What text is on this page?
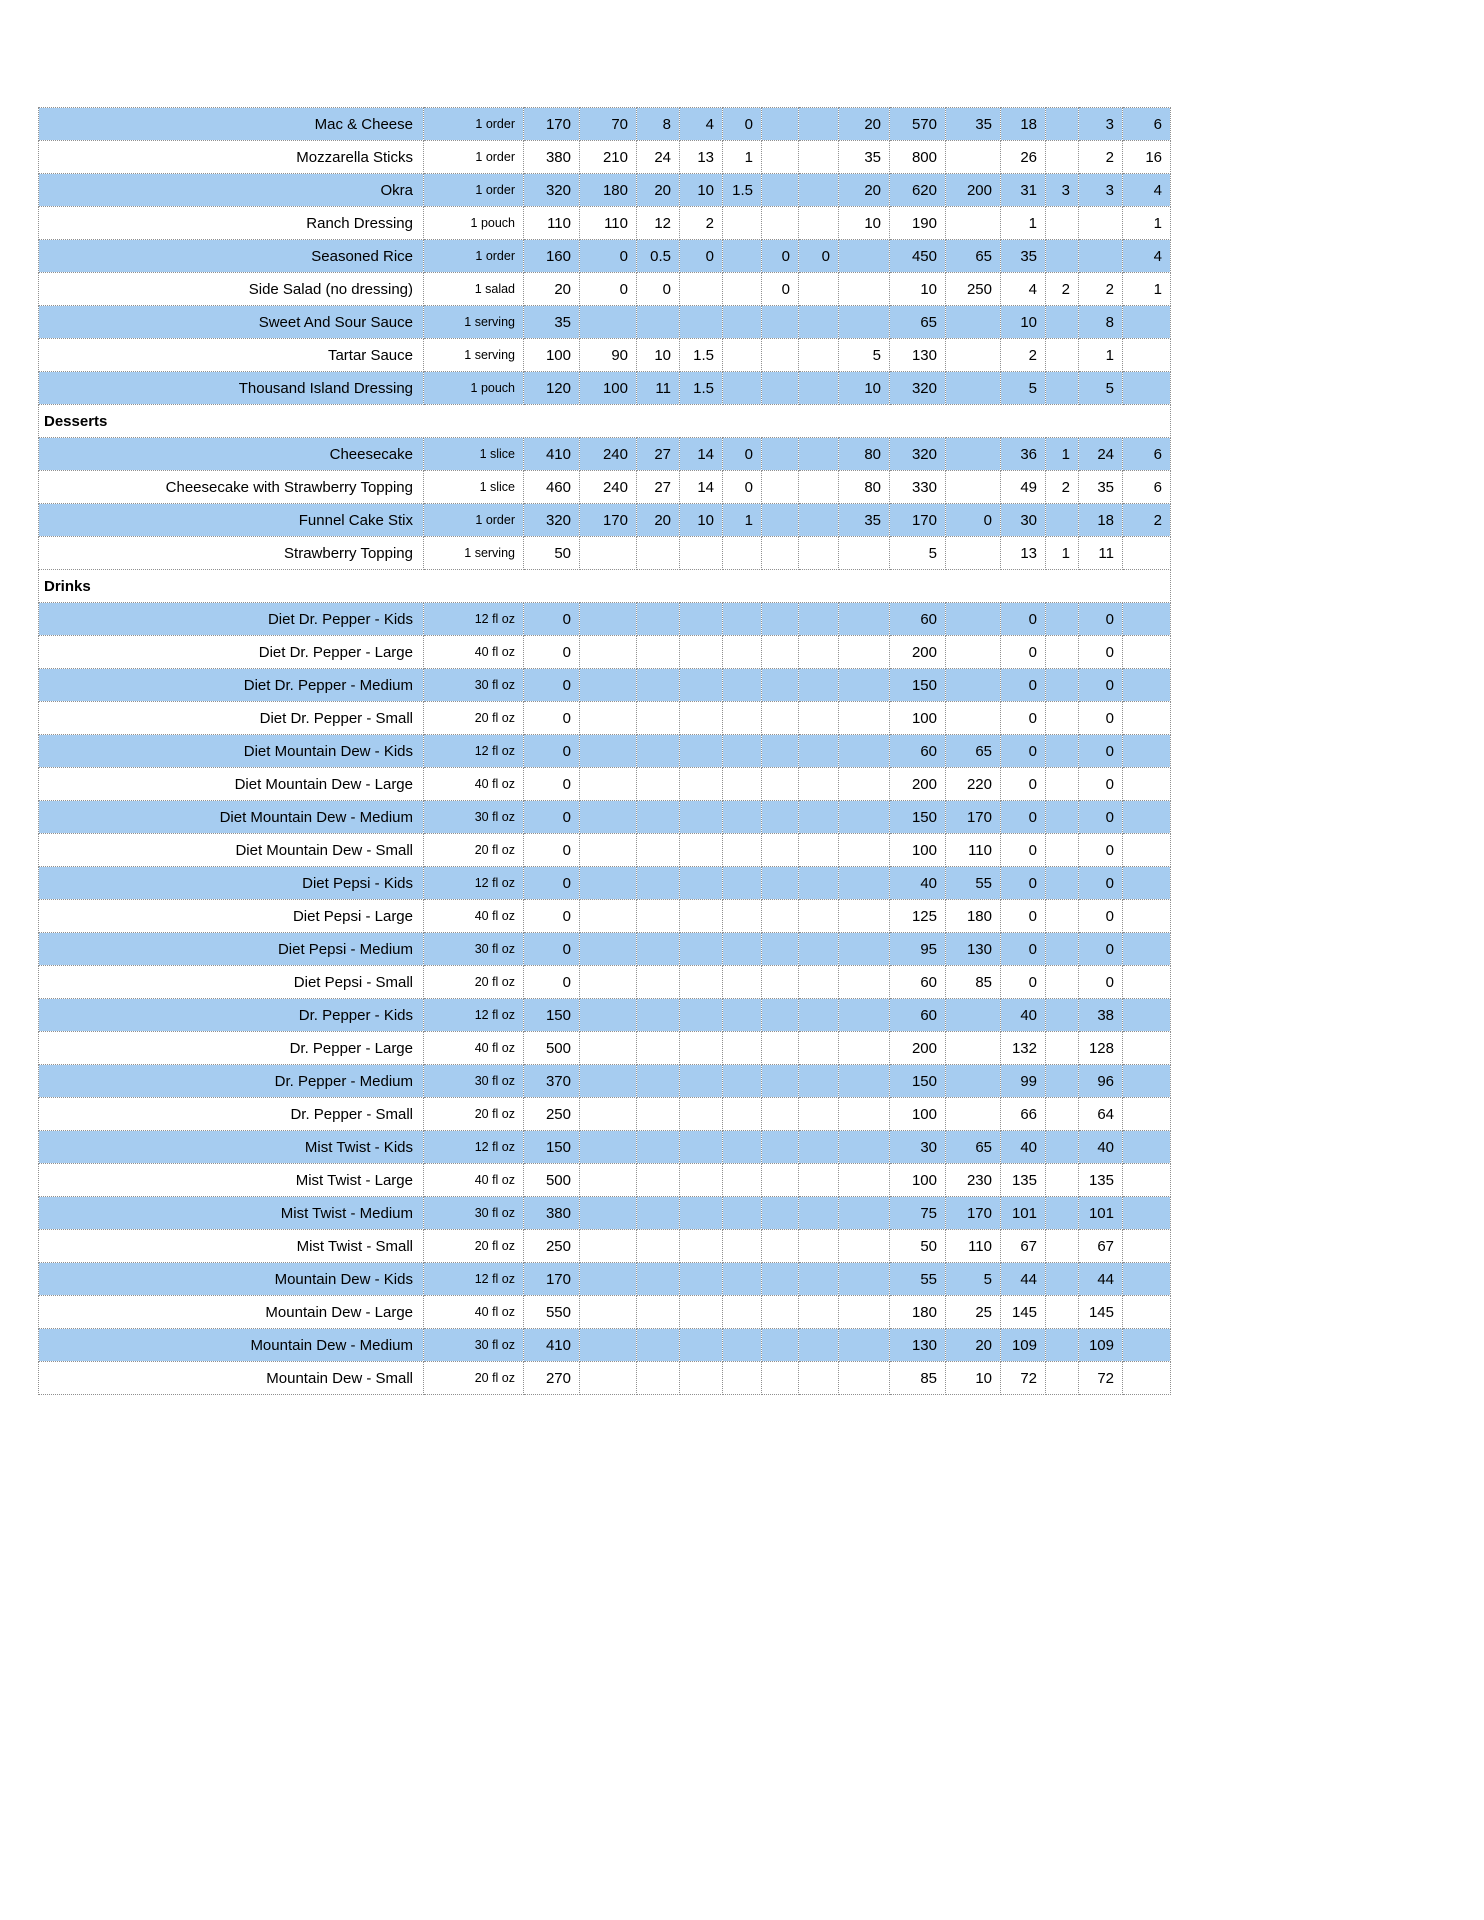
Mac & Cheese	1 order	170	70	8	4	0			20	570	35	18		3	6
Mozzarella Sticks	1 order	380	210	24	13	1			35	800		26		2	16
Okra	1 order	320	180	20	10	1.5			20	620	200	31	3	3	4
Ranch Dressing	1 pouch	110	110	12	2				10	190		1			1
Seasoned Rice	1 order	160	0	0.5	0		0	0		450	65	35			4
Side Salad (no dressing)	1 salad	20	0	0			0			10	250	4	2	2	1
Sweet And Sour Sauce	1 serving	35								65		10		8	
Tartar Sauce	1 serving	100	90	10	1.5				5	130		2		1	
Thousand Island Dressing	1 pouch	120	100	11	1.5				10	320		5		5	
Desserts															
Cheesecake	1 slice	410	240	27	14	0			80	320		36	1	24	6
Cheesecake with Strawberry Topping	1 slice	460	240	27	14	0			80	330		49	2	35	6
Funnel Cake Stix	1 order	320	170	20	10	1			35	170	0	30		18	2
Strawberry Topping	1 serving	50								5		13	1	11	
Drinks															
Diet Dr. Pepper - Kids	12 fl oz	0								60		0		0	
Diet Dr. Pepper - Large	40 fl oz	0								200		0		0	
Diet Dr. Pepper - Medium	30 fl oz	0								150		0		0	
Diet Dr. Pepper - Small	20 fl oz	0								100		0		0	
Diet Mountain Dew - Kids	12 fl oz	0								60	65	0		0	
Diet Mountain Dew - Large	40 fl oz	0								200	220	0		0	
Diet Mountain Dew - Medium	30 fl oz	0								150	170	0		0	
Diet Mountain Dew - Small	20 fl oz	0								100	110	0		0	
Diet Pepsi - Kids	12 fl oz	0								40	55	0		0	
Diet Pepsi - Large	40 fl oz	0								125	180	0		0	
Diet Pepsi - Medium	30 fl oz	0								95	130	0		0	
Diet Pepsi - Small	20 fl oz	0								60	85	0		0	
Dr. Pepper - Kids	12 fl oz	150								60		40		38	
Dr. Pepper - Large	40 fl oz	500								200		132		128	
Dr. Pepper - Medium	30 fl oz	370								150		99		96	
Dr. Pepper - Small	20 fl oz	250								100		66		64	
Mist Twist - Kids	12 fl oz	150								30	65	40		40	
Mist Twist - Large	40 fl oz	500								100	230	135		135	
Mist Twist - Medium	30 fl oz	380								75	170	101		101	
Mist Twist - Small	20 fl oz	250								50	110	67		67	
Mountain Dew - Kids	12 fl oz	170								55	5	44		44	
Mountain Dew - Large	40 fl oz	550								180	25	145		145	
Mountain Dew - Medium	30 fl oz	410								130	20	109		109	
Mountain Dew - Small	20 fl oz	270								85	10	72		72	
